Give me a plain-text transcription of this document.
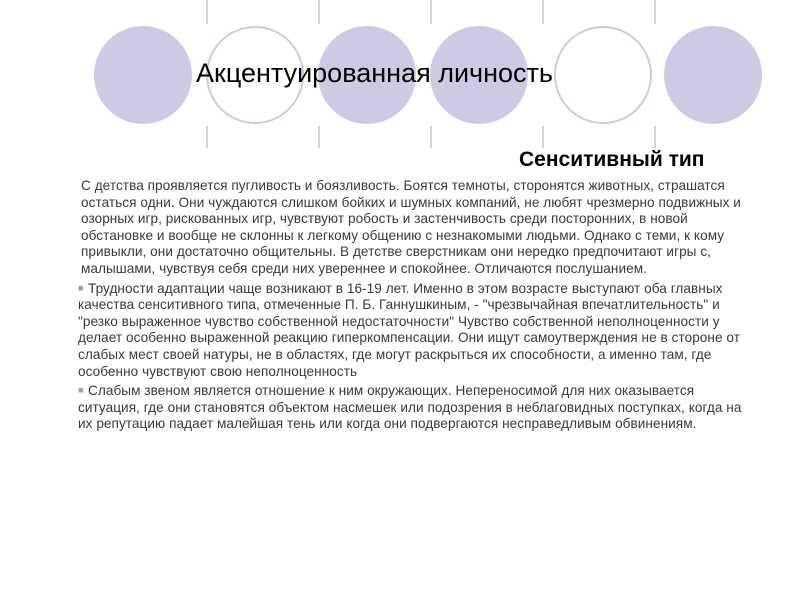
Акцентуированная личность
Сенситивный тип

С детства проявляется пугливость и боязливость. Боятся темноты, сторонятся животных, страшатся остаться одни. Они чуждаются слишком бойких и шумных компаний, не любят чрезмерно подвижных и озорных игр, рискованных игр, чувствуют робость и застенчивость среди посторонних, в новой обстановке и вообще не склонны к легкому общению с незнакомыми людьми. Однако с теми, к кому привыкли, они достаточно общительны. В детстве сверстникам они нередко предпочитают игры с, малышами, чувствуя себя среди них увереннее и спокойнее. Отличаются послушанием.

■ Трудности адаптации чаще возникают в 16-19 лет. Именно в этом возрасте выступают оба главных качества сенситивного типа, отмеченные П. Б. Ганнушкиным, - "чрезвычайная впечатлительность" и "резко выраженное чувство собственной недостаточности" Чувство собственной неполноценности у делает особенно выраженной реакцию гиперкомпенсации. Они ищут самоутверждения не в стороне от слабых мест своей натуры, не в областях, где могут раскрыться их способности, а именно там, где особенно чувствуют свою неполноценность

■ Слабым звеном является отношение к ним окружающих. Непереносимой для них оказывается ситуация, где они становятся объектом насмешек или подозрения в неблаговидных поступках, когда на их репутацию падает малейшая тень или когда они подвергаются несправедливым обвинениям.
